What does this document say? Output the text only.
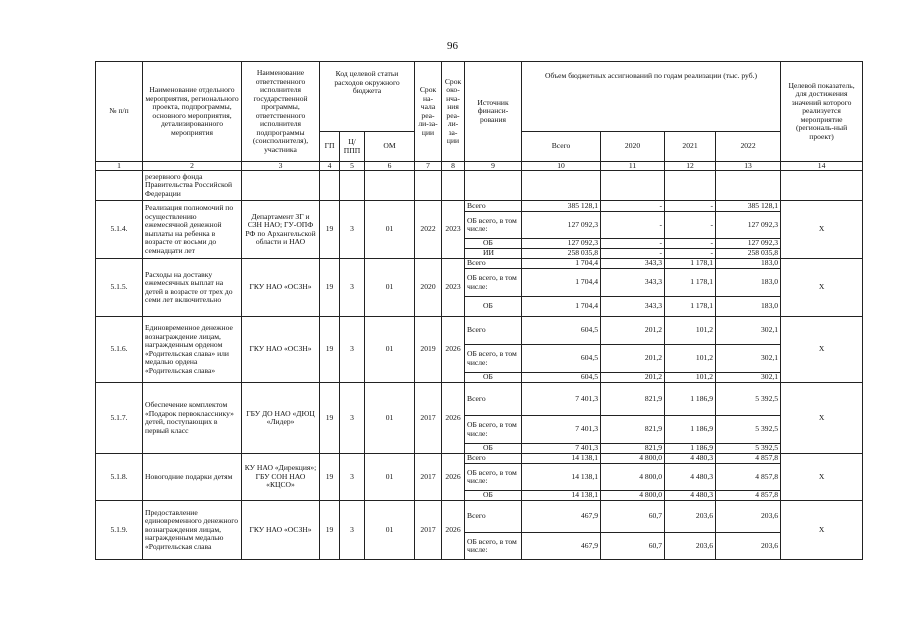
96
№ п/п	Наименование отдельного мероприятия, регионального проекта, подпрограммы, основного мероприятия, детализированного мероприятия	Наименование ответственного исполнителя государственной программы, ответственного исполнителя подпрограммы (соисполнителя), участника	Код целевой статьи расходов окружного бюджета			Срок на-чала реа-ли-за-ции	Срок око-нча-ния реа-ли-за-ции	Источник финанси-рования	Объем бюджетных ассигнований по годам реализации (тыс. руб.)				Целевой показатель, для достижения значений которого реализуется мероприятие (региональ-ный проект)
			ГП	Ц/ППП	ОМ				Всего	2020	2021	2022	
1	2	3	4	5	6	7	8	9	10	11	12	13	14
	резервного фонда Правительства Российской Федерации												
5.1.4.	Реализация полномочий по осуществлению ежемесячной денежной выплаты на ребенка в возрасте от восьми до семнадцати лет	Департамент ЗГ и СЗН НАО; ГУ-ОПФ РФ по Архангельской области и НАО	19	3	01	2022	2023	Всего	385 128,1	-	-	385 128,1	X
								ОБ всего, в том числе:	127 092,3	-	-	127 092,3	
								ОБ	127 092,3	-	-	127 092,3	
								ИИ	258 035,8	-	-	258 035,8	
5.1.5.	Расходы на доставку ежемесячных выплат на детей в возрасте от трех до семи лет включительно	ГКУ НАО «ОСЗН»	19	3	01	2020	2023	Всего	1 704,4	343,3	1 178,1	183,0	X
								ОБ всего, в том числе:	1 704,4	343,3	1 178,1	183,0	
								ОБ	1 704,4	343,3	1 178,1	183,0	
5.1.6.	Единовременное денежное вознаграждение лицам, награжденным орденом «Родительская слава» или медалью ордена «Родительская слава»	ГКУ НАО «ОСЗН»	19	3	01	2019	2026	Всего	604,5	201,2	101,2	302,1	X
								ОБ всего, в том числе:	604,5	201,2	101,2	302,1	
								ОБ	604,5	201,2	101,2	302,1	
5.1.7.	Обеспечение комплектом «Подарок первокласснику» детей, поступающих в первый класс	ГБУ ДО НАО «ДЮЦ «Лидер»	19	3	01	2017	2026	Всего	7 401,3	821,9	1 186,9	5 392,5	X
								ОБ всего, в том числе:	7 401,3	821,9	1 186,9	5 392,5	
								ОБ	7 401,3	821,9	1 186,9	5 392,5	
5.1.8.	Новогодние подарки детям	КУ НАО «Дирекция»; ГБУ СОН НАО «КЦСО»	19	3	01	2017	2026	Всего	14 138,1	4 800,0	4 480,3	4 857,8	X
								ОБ всего, в том числе:	14 138,1	4 800,0	4 480,3	4 857,8	
								ОБ	14 138,1	4 800,0	4 480,3	4 857,8	
5.1.9.	Предоставление единовременного денежного вознаграждения лицам, награжденным медалью «Родительская слава	ГКУ НАО «ОСЗН»	19	3	01	2017	2026	Всего	467,9	60,7	203,6	203,6	X
								ОБ всего, в том числе:	467,9	60,7	203,6	203,6	
